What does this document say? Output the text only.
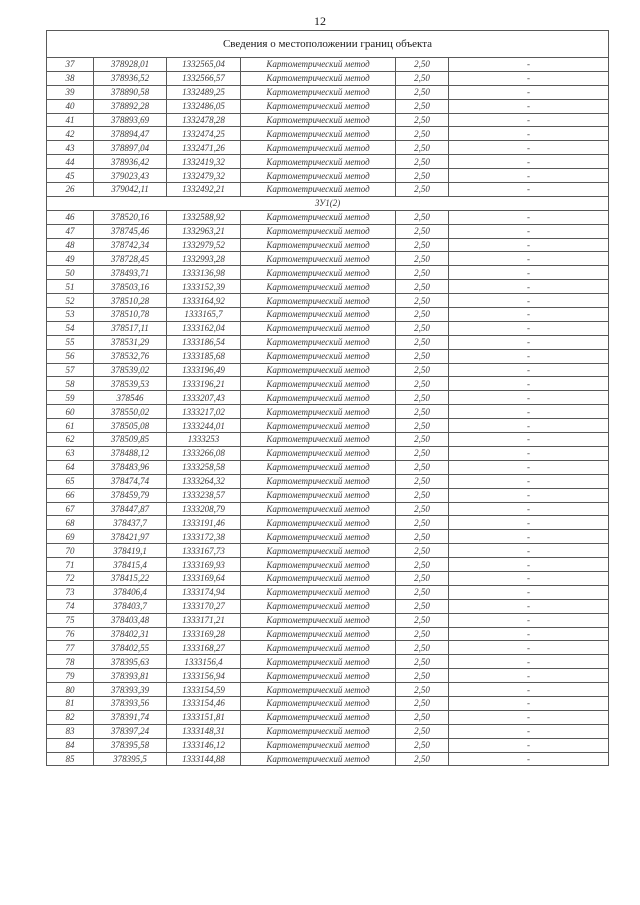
12
Сведения о местоположении границ объекта					
37	378928,01	1332565,04	Картометрический метод	2,50	-
38	378936,52	1332566,57	Картометрический метод	2,50	-
39	378890,58	1332489,25	Картометрический метод	2,50	-
40	378892,28	1332486,05	Картометрический метод	2,50	-
41	378893,69	1332478,28	Картометрический метод	2,50	-
42	378894,47	1332474,25	Картометрический метод	2,50	-
43	378897,04	1332471,26	Картометрический метод	2,50	-
44	378936,42	1332419,32	Картометрический метод	2,50	-
45	379023,43	1332479,32	Картометрический метод	2,50	-
26	379042,11	1332492,21	Картометрический метод	2,50	-
ЗУ1(2)					
46	378520,16	1332588,92	Картометрический метод	2,50	-
47	378745,46	1332963,21	Картометрический метод	2,50	-
48	378742,34	1332979,52	Картометрический метод	2,50	-
49	378728,45	1332993,28	Картометрический метод	2,50	-
50	378493,71	1333136,98	Картометрический метод	2,50	-
51	378503,16	1333152,39	Картометрический метод	2,50	-
52	378510,28	1333164,92	Картометрический метод	2,50	-
53	378510,78	1333165,7	Картометрический метод	2,50	-
54	378517,11	1333162,04	Картометрический метод	2,50	-
55	378531,29	1333186,54	Картометрический метод	2,50	-
56	378532,76	1333185,68	Картометрический метод	2,50	-
57	378539,02	1333196,49	Картометрический метод	2,50	-
58	378539,53	1333196,21	Картометрический метод	2,50	-
59	378546	1333207,43	Картометрический метод	2,50	-
60	378550,02	1333217,02	Картометрический метод	2,50	-
61	378505,08	1333244,01	Картометрический метод	2,50	-
62	378509,85	1333253	Картометрический метод	2,50	-
63	378488,12	1333266,08	Картометрический метод	2,50	-
64	378483,96	1333258,58	Картометрический метод	2,50	-
65	378474,74	1333264,32	Картометрический метод	2,50	-
66	378459,79	1333238,57	Картометрический метод	2,50	-
67	378447,87	1333208,79	Картометрический метод	2,50	-
68	378437,7	1333191,46	Картометрический метод	2,50	-
69	378421,97	1333172,38	Картометрический метод	2,50	-
70	378419,1	1333167,73	Картометрический метод	2,50	-
71	378415,4	1333169,93	Картометрический метод	2,50	-
72	378415,22	1333169,64	Картометрический метод	2,50	-
73	378406,4	1333174,94	Картометрический метод	2,50	-
74	378403,7	1333170,27	Картометрический метод	2,50	-
75	378403,48	1333171,21	Картометрический метод	2,50	-
76	378402,31	1333169,28	Картометрический метод	2,50	-
77	378402,55	1333168,27	Картометрический метод	2,50	-
78	378395,63	1333156,4	Картометрический метод	2,50	-
79	378393,81	1333156,94	Картометрический метод	2,50	-
80	378393,39	1333154,59	Картометрический метод	2,50	-
81	378393,56	1333154,46	Картометрический метод	2,50	-
82	378391,74	1333151,81	Картометрический метод	2,50	-
83	378397,24	1333148,31	Картометрический метод	2,50	-
84	378395,58	1333146,12	Картометрический метод	2,50	-
85	378395,5	1333144,88	Картометрический метод	2,50	-
